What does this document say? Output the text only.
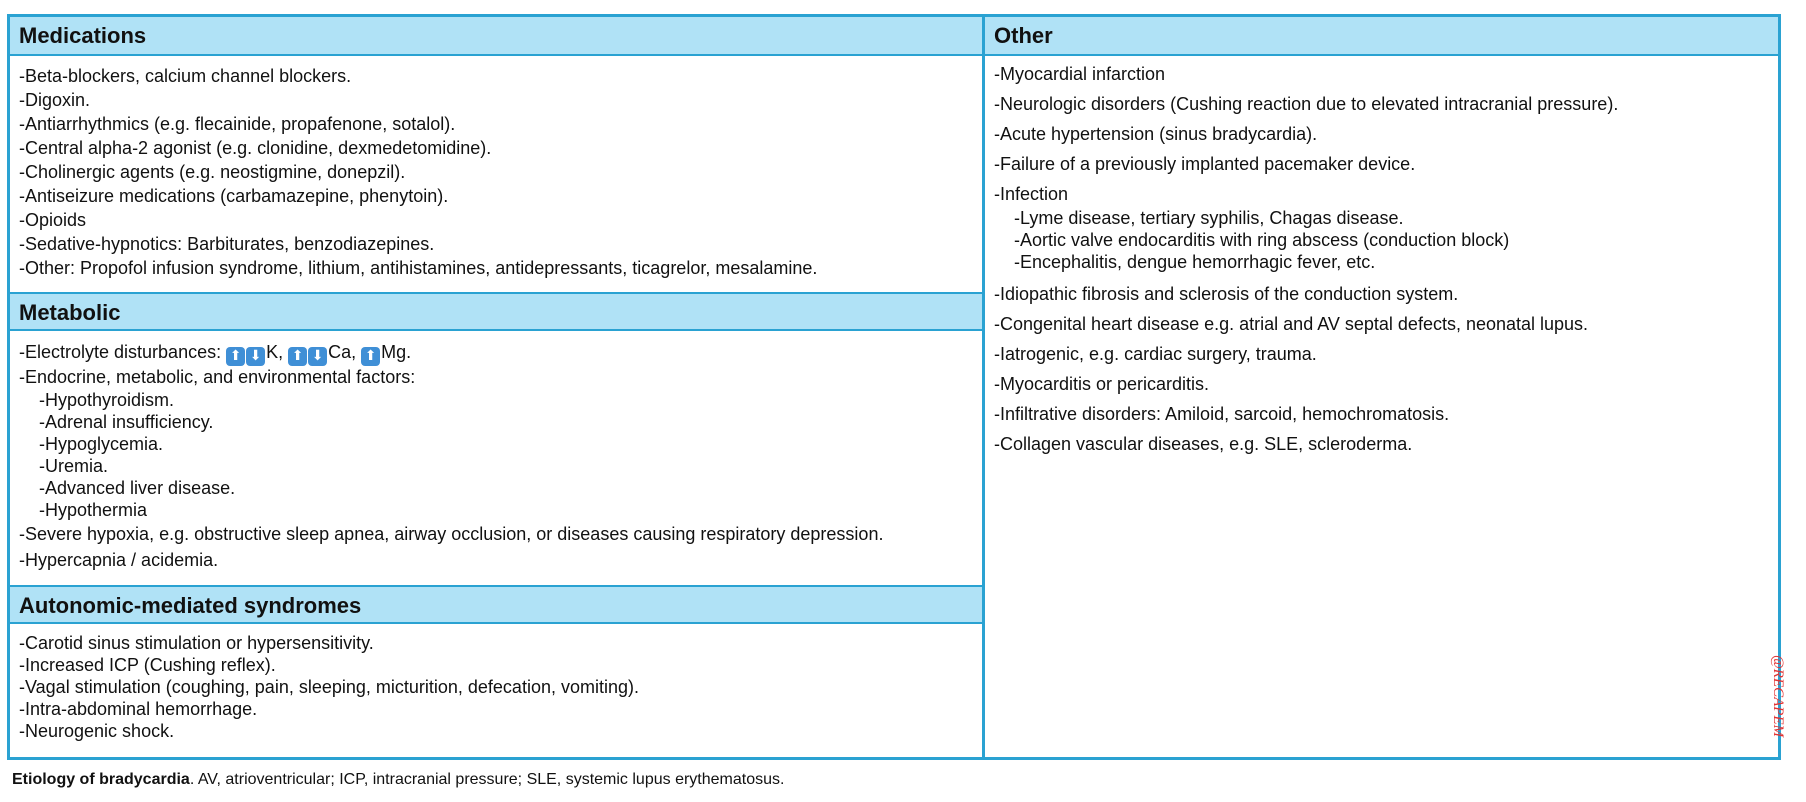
Medications
-Beta-blockers, calcium channel blockers.
-Digoxin.
-Antiarrhythmics (e.g. flecainide, propafenone, sotalol).
-Central alpha-2 agonist (e.g. clonidine, dexmedetomidine).
-Cholinergic agents (e.g. neostigmine, donepzil).
-Antiseizure medications (carbamazepine, phenytoin).
-Opioids
-Sedative-hypnotics: Barbiturates, benzodiazepines.
-Other: Propofol infusion syndrome, lithium, antihistamines, antidepressants, ticagrelor, mesalamine.
Metabolic
-Electrolyte disturbances: ⬆ ⬇ K, ⬆ ⬇ Ca, ⬆ Mg.
-Endocrine, metabolic, and environmental factors:
-Hypothyroidism.
-Adrenal insufficiency.
-Hypoglycemia.
-Uremia.
-Advanced liver disease.
-Hypothermia
-Severe hypoxia, e.g. obstructive sleep apnea, airway occlusion, or diseases causing respiratory depression.
-Hypercapnia / acidemia.
Autonomic-mediated syndromes
-Carotid sinus stimulation or hypersensitivity.
-Increased ICP (Cushing reflex).
-Vagal stimulation (coughing, pain, sleeping, micturition, defecation, vomiting).
-Intra-abdominal hemorrhage.
-Neurogenic shock.
Other
-Myocardial infarction
-Neurologic disorders (Cushing reaction due to elevated intracranial pressure).
-Acute hypertension (sinus bradycardia).
-Failure of a previously implanted pacemaker device.
-Infection
-Lyme disease, tertiary syphilis, Chagas disease.
-Aortic valve endocarditis with ring abscess (conduction block)
-Encephalitis, dengue hemorrhagic fever, etc.
-Idiopathic fibrosis and sclerosis of the conduction system.
-Congenital heart disease e.g. atrial and AV septal defects, neonatal lupus.
-Iatrogenic, e.g. cardiac surgery, trauma.
-Myocarditis or pericarditis.
-Infiltrative disorders: Amiloid, sarcoid, hemochromatosis.
-Collagen vascular diseases, e.g. SLE, scleroderma.
Etiology of bradycardia. AV, atrioventricular; ICP, intracranial pressure; SLE, systemic lupus erythematosus.
@RECAPEM
